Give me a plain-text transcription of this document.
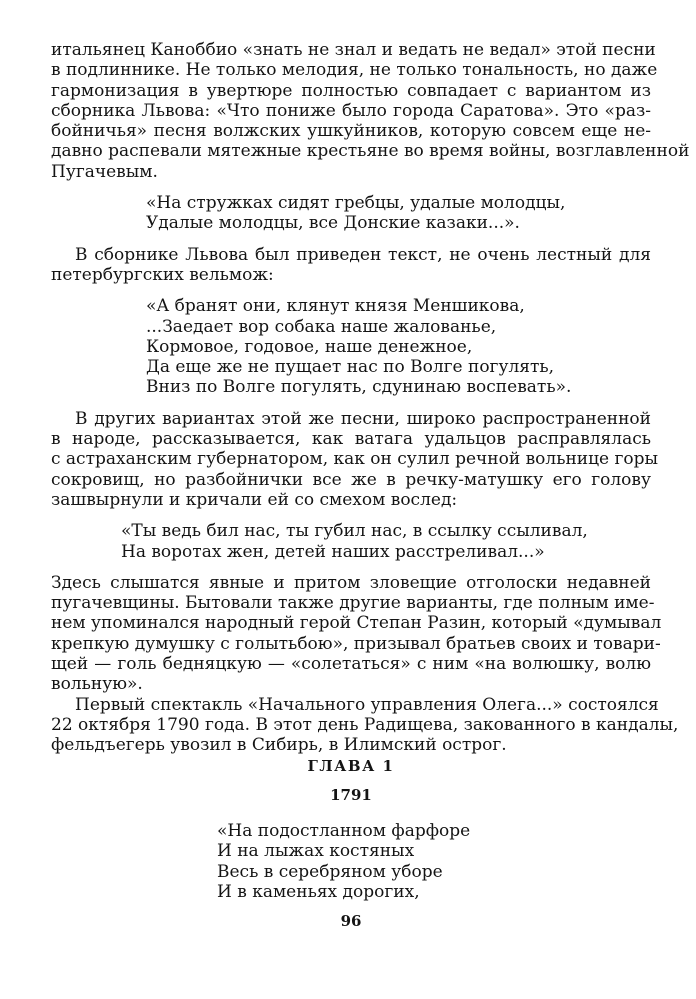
итальянец Каноббио «знать не знал и ведать не ведал» этой песни
в подлиннике. Не только мелодия, не только тональность, но даже
гармонизация в увертюре полностью совпадает с вариантом из
сборника Львова: «Что пониже было города Саратова». Это «раз-
бойничья» песня волжских ушкуйников, которую совсем еще не-
давно распевали мятежные крестьяне во время войны, возглавленной
Пугачевым.
«На стружках сидят гребцы, удалые молодцы,
Удалые молодцы, все Донские казаки...».
В сборнике Львова был приведен текст, не очень лестный для
петербургских вельмож:
«А бранят они, клянут князя Меншикова,
...Заедает вор собака наше жалованье,
Кормовое, годовое, наше денежное,
Да еще же не пущает нас по Волге погулять,
Вниз по Волге погулять, сдунинаю воспевать».
В других вариантах этой же песни, широко распространенной
в народе, рассказывается, как ватага удальцов расправлялась
с астраханским губернатором, как он сулил речной вольнице горы
сокровищ, но разбойнички все же в речку-матушку его голову
зашвырнули и кричали ей со смехом вослед:
«Ты ведь бил нас, ты губил нас, в ссылку ссыливал,
На воротах жен, детей наших расстреливал...»
Здесь слышатся явные и притом зловещие отголоски недавней
пугачевщины. Бытовали также другие варианты, где полным име-
нем упоминался народный герой Степан Разин, который «думывал
крепкую думушку с голытьбою», призывал братьев своих и товари-
щей — голь бедняцкую — «солетаться» с ним «на волюшку, волю
вольную».
Первый спектакль «Начального управления Олега...» состоялся
22 октября 1790 года. В этот день Радищева, закованного в кандалы,
фельдъегерь увозил в Сибирь, в Илимский острог.

ГЛАВА 1

1791

«На подостланном фарфоре
И на лыжах костяных
Весь в серебряном уборе
И в каменьях дорогих,

96
